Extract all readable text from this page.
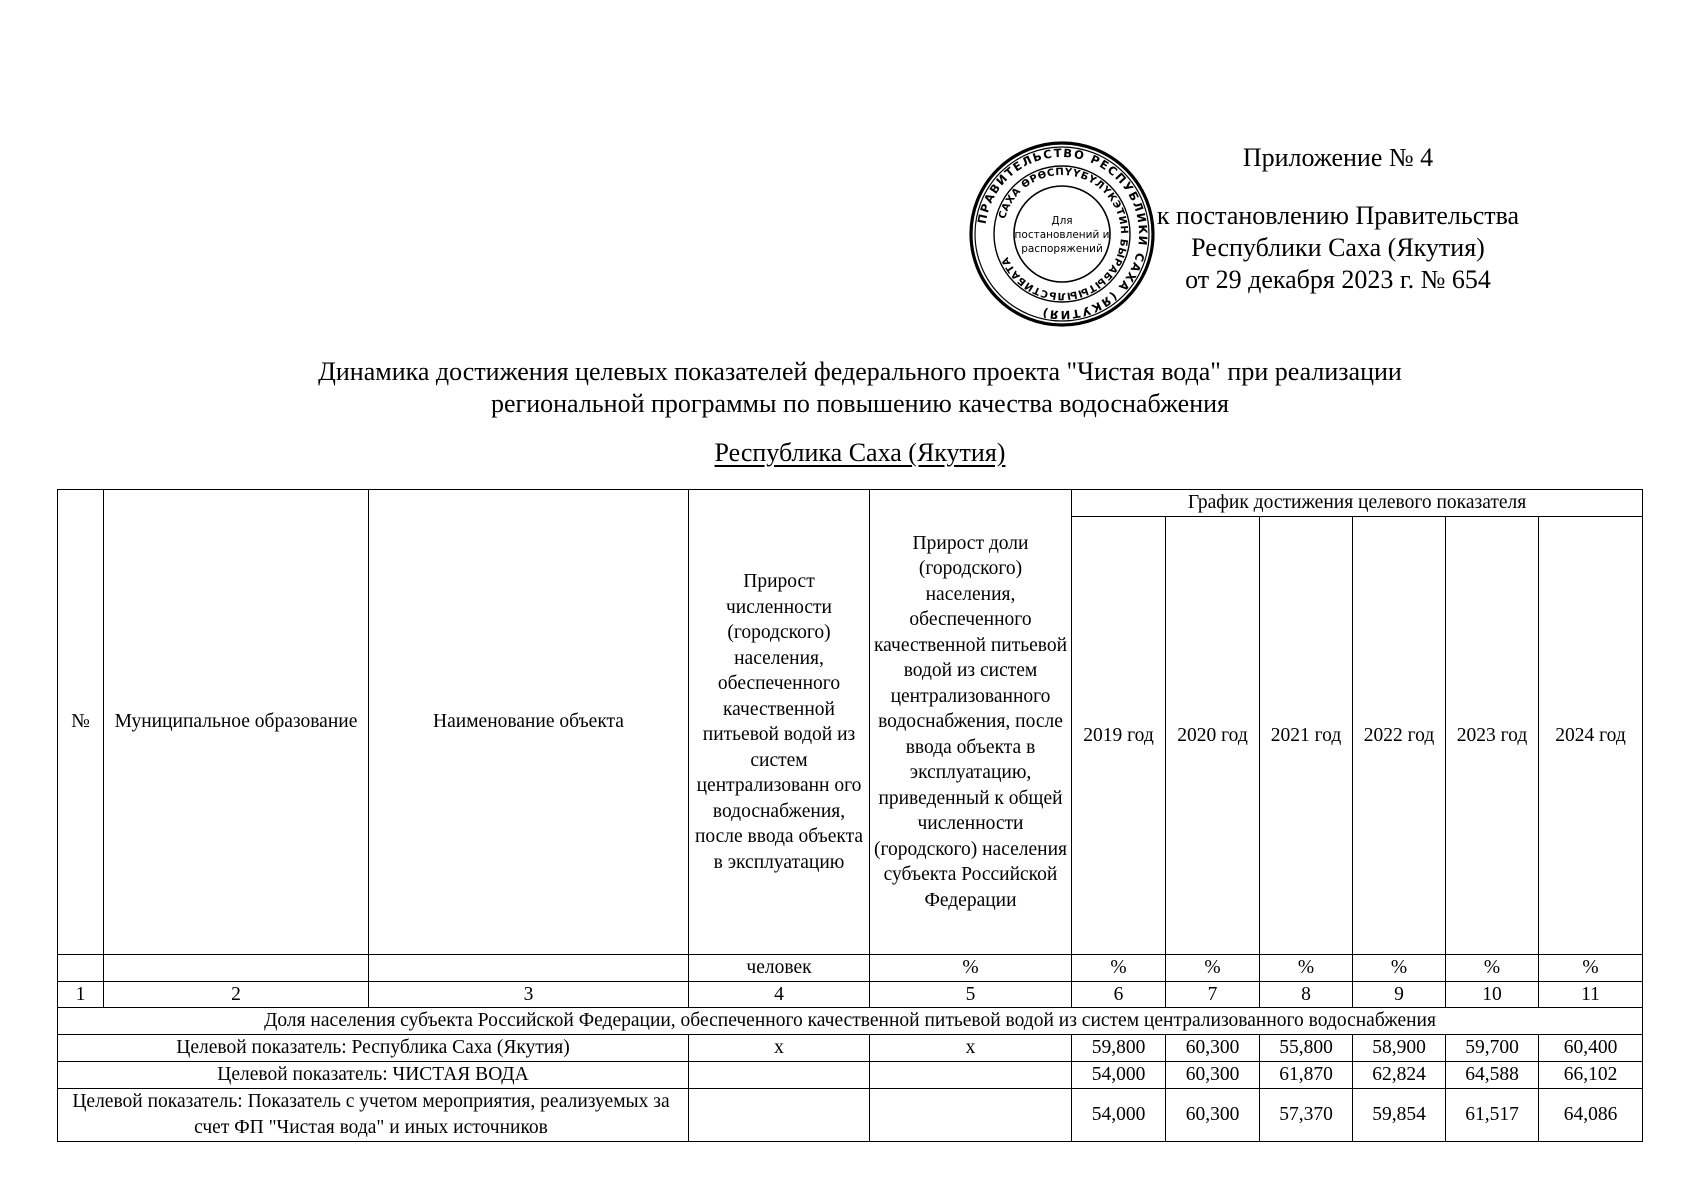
Приложение № 4
к постановлению Правительства
Республики Саха (Якутия)
от 29 декабря 2023 г. № 654
ПРАВИТЕЛЬСТВО РЕСПУБЛИКИ САХА (ЯКУТИЯ)
САХА ӨРӨСПҮҮБҮЛҮКЭТИН БЫРАБЫТЫЫЛЬСТИБАТА
Для
постановлений и
распоряжений
Динамика достижения целевых показателей федерального проекта "Чистая вода" при реализации
региональной программы по повышению качества водоснабжения
Республика Саха (Якутия)
№	Муниципальное образование	Наименование объекта	Прирост численности (городского) населения, обеспеченного качественной питьевой водой из систем централизованн ого водоснабжения, после ввода объекта в эксплуатацию	Прирост доли (городского) населения, обеспеченного качественной питьевой водой из систем централизованного водоснабжения, после ввода объекта в эксплуатацию, приведенный к общей численности (городского) населения субъекта Российской Федерации	График достижения целевого показателя					
					2019 год	2020 год	2021 год	2022 год	2023 год	2024 год
			человек	%	%	%	%	%	%	%
1	2	3	4	5	6	7	8	9	10	11
Доля населения субъекта Российской Федерации, обеспеченного качественной питьевой водой из систем централизованного водоснабжения										
Целевой показатель: Республика Саха (Якутия)			х	х	59,800	60,300	55,800	58,900	59,700	60,400
Целевой показатель: ЧИСТАЯ ВОДА					54,000	60,300	61,870	62,824	64,588	66,102

Целевой показатель: Показатель с учетом мероприятия, реализуемых за счет ФП "Чистая вода" и иных источников					54,000	60,300	57,370	59,854	61,517	64,086
